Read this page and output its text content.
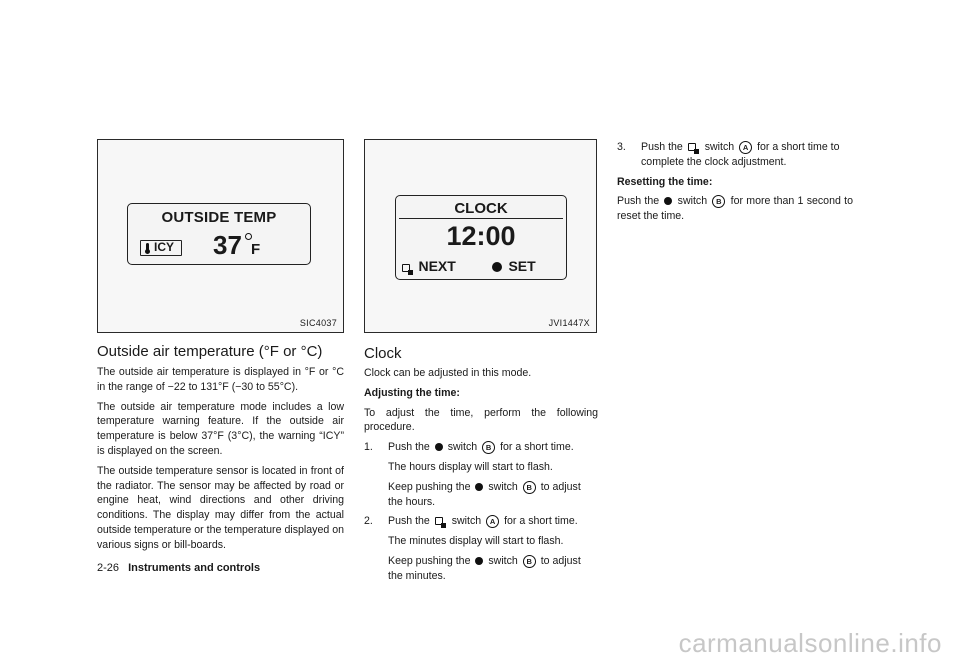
OUTSIDE TEMP
ICY 37 F
SIC4037
CLOCK
12:00
NEXT	SET
JVI1447X
Outside air temperature (°F or °C)

The outside air temperature is displayed in °F or °C in the range of −22 to 131°F (−30 to 55°C).

The outside air temperature mode includes a low temperature warning feature. If the outside air temperature is below 37°F (3°C), the warning “ICY” is displayed on the screen.

The outside temperature sensor is located in front of the radiator. The sensor may be affected by road or engine heat, wind directions and other driving conditions. The display may differ from the actual outside temperature or the temperature displayed on various signs or bill-boards.

Clock

Clock can be adjusted in this mode.

Adjusting the time:

To adjust the time, perform the following procedure.

1. Push the switch B for a short time.
The hours display will start to flash.
Keep pushing the switch B to adjust the hours.
2. Push the switch A for a short time.
The minutes display will start to flash.
Keep pushing the switch B to adjust the minutes.
3. Push the switch A for a short time to complete the clock adjustment.

Resetting the time:

Push the switch B for more than 1 second to reset the time.

2-26 Instruments and controls
carmanualsonline.info
